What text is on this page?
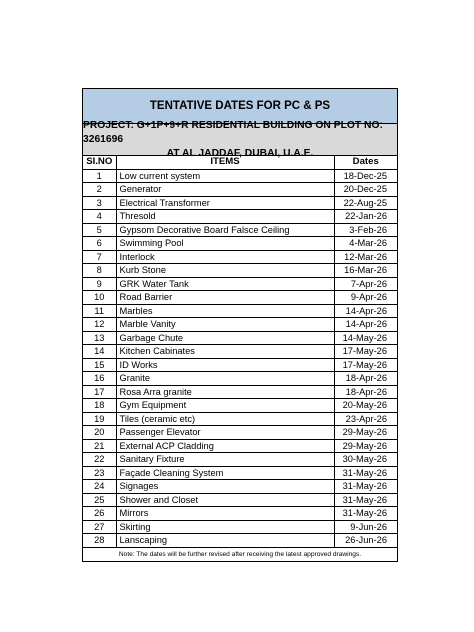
TENTATIVE DATES FOR PC & PS
PROJECT: G+1P+9+R RESIDENTIAL BUILDING ON PLOT NO: 3261696
AT AL JADDAF, DUBAI, U.A.E.
SI.NO	ITEMS	Dates
1	Low current system	18-Dec-25
2	Generator	20-Dec-25
3	Electrical Transformer	22-Aug-25
4	Thresold	22-Jan-26
5	Gypsom Decorative Board Falsce Ceiling	3-Feb-26
6	Swimming Pool	4-Mar-26
7	Interlock	12-Mar-26
8	Kurb Stone	16-Mar-26
9	GRK Water Tank	7-Apr-26
10	Road Barrier	9-Apr-26
11	Marbles	14-Apr-26
12	Marble Vanity	14-Apr-26
13	Garbage Chute	14-May-26
14	Kitchen Cabinates	17-May-26
15	ID Works	17-May-26
16	Granite	18-Apr-26
17	Rosa Arra granite	18-Apr-26
18	Gym Equipment	20-May-26
19	Tiles (ceramic etc)	23-Apr-26
20	Passenger Elevator	29-May-26
21	External ACP Cladding	29-May-26
22	Sanitary Fixture	30-May-26
23	Façade Cleaning System	31-May-26
24	Signages	31-May-26
25	Shower and Closet	31-May-26
26	Mirrors	31-May-26
27	Skirting	9-Jun-26
28	Lanscaping	26-Jun-26
Note: The dates will be further revised after receiving the latest approved drawings.
